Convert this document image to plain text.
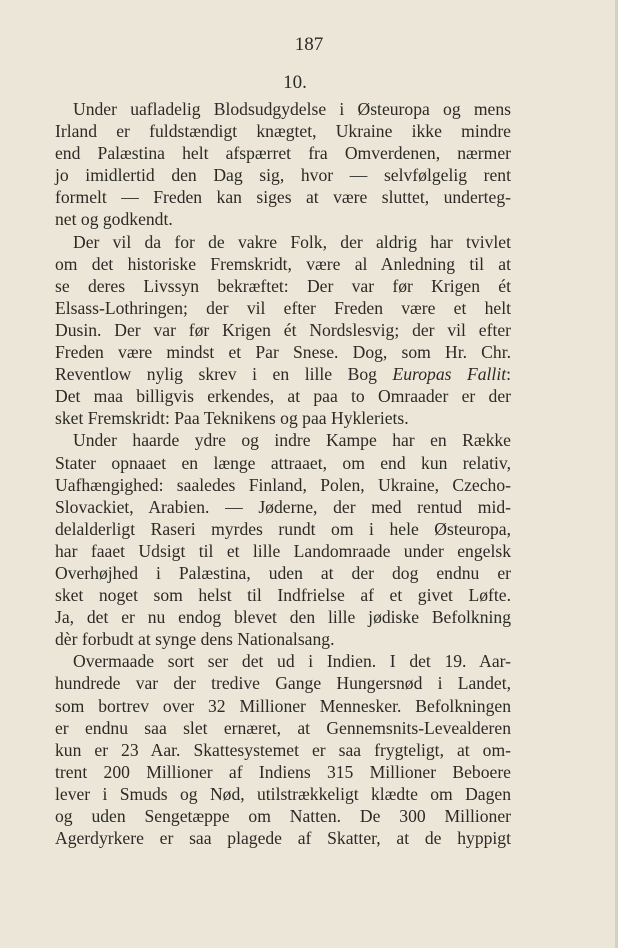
187
10.
Under uafladelig Blodsudgydelse i Østeuropa og mens
Irland er fuldstændigt knægtet, Ukraine ikke mindre
end Palæstina helt afspærret fra Omverdenen, nærmer
jo imidlertid den Dag sig, hvor — selvfølgelig rent
formelt — Freden kan siges at være sluttet, underteg-
net og godkendt.
Der vil da for de vakre Folk, der aldrig har tvivlet
om det historiske Fremskridt, være al Anledning til at
se deres Livssyn bekræftet: Der var før Krigen ét
Elsass-Lothringen; der vil efter Freden være et helt
Dusin. Der var før Krigen ét Nordslesvig; der vil efter
Freden være mindst et Par Snese. Dog, som Hr. Chr.
Reventlow nylig skrev i en lille Bog Europas Fallit:
Det maa billigvis erkendes, at paa to Omraader er der
sket Fremskridt: Paa Teknikens og paa Hykleriets.
Under haarde ydre og indre Kampe har en Række
Stater opnaaet en længe attraaet, om end kun relativ,
Uafhængighed: saaledes Finland, Polen, Ukraine, Czecho-
Slovackiet, Arabien. — Jøderne, der med rentud mid-
delalderligt Raseri myrdes rundt om i hele Østeuropa,
har faaet Udsigt til et lille Landomraade under engelsk
Overhøjhed i Palæstina, uden at der dog endnu er
sket noget som helst til Indfrielse af et givet Løfte.
Ja, det er nu endog blevet den lille jødiske Befolkning
dèr forbudt at synge dens Nationalsang.
Overmaade sort ser det ud i Indien. I det 19. Aar-
hundrede var der tredive Gange Hungersnød i Landet,
som bortrev over 32 Millioner Mennesker. Befolkningen
er endnu saa slet ernæret, at Gennemsnits-Levealderen
kun er 23 Aar. Skattesystemet er saa frygteligt, at om-
trent 200 Millioner af Indiens 315 Millioner Beboere
lever i Smuds og Nød, utilstrækkeligt klædte om Dagen
og uden Sengetæppe om Natten. De 300 Millioner
Agerdyrkere er saa plagede af Skatter, at de hyppigt
